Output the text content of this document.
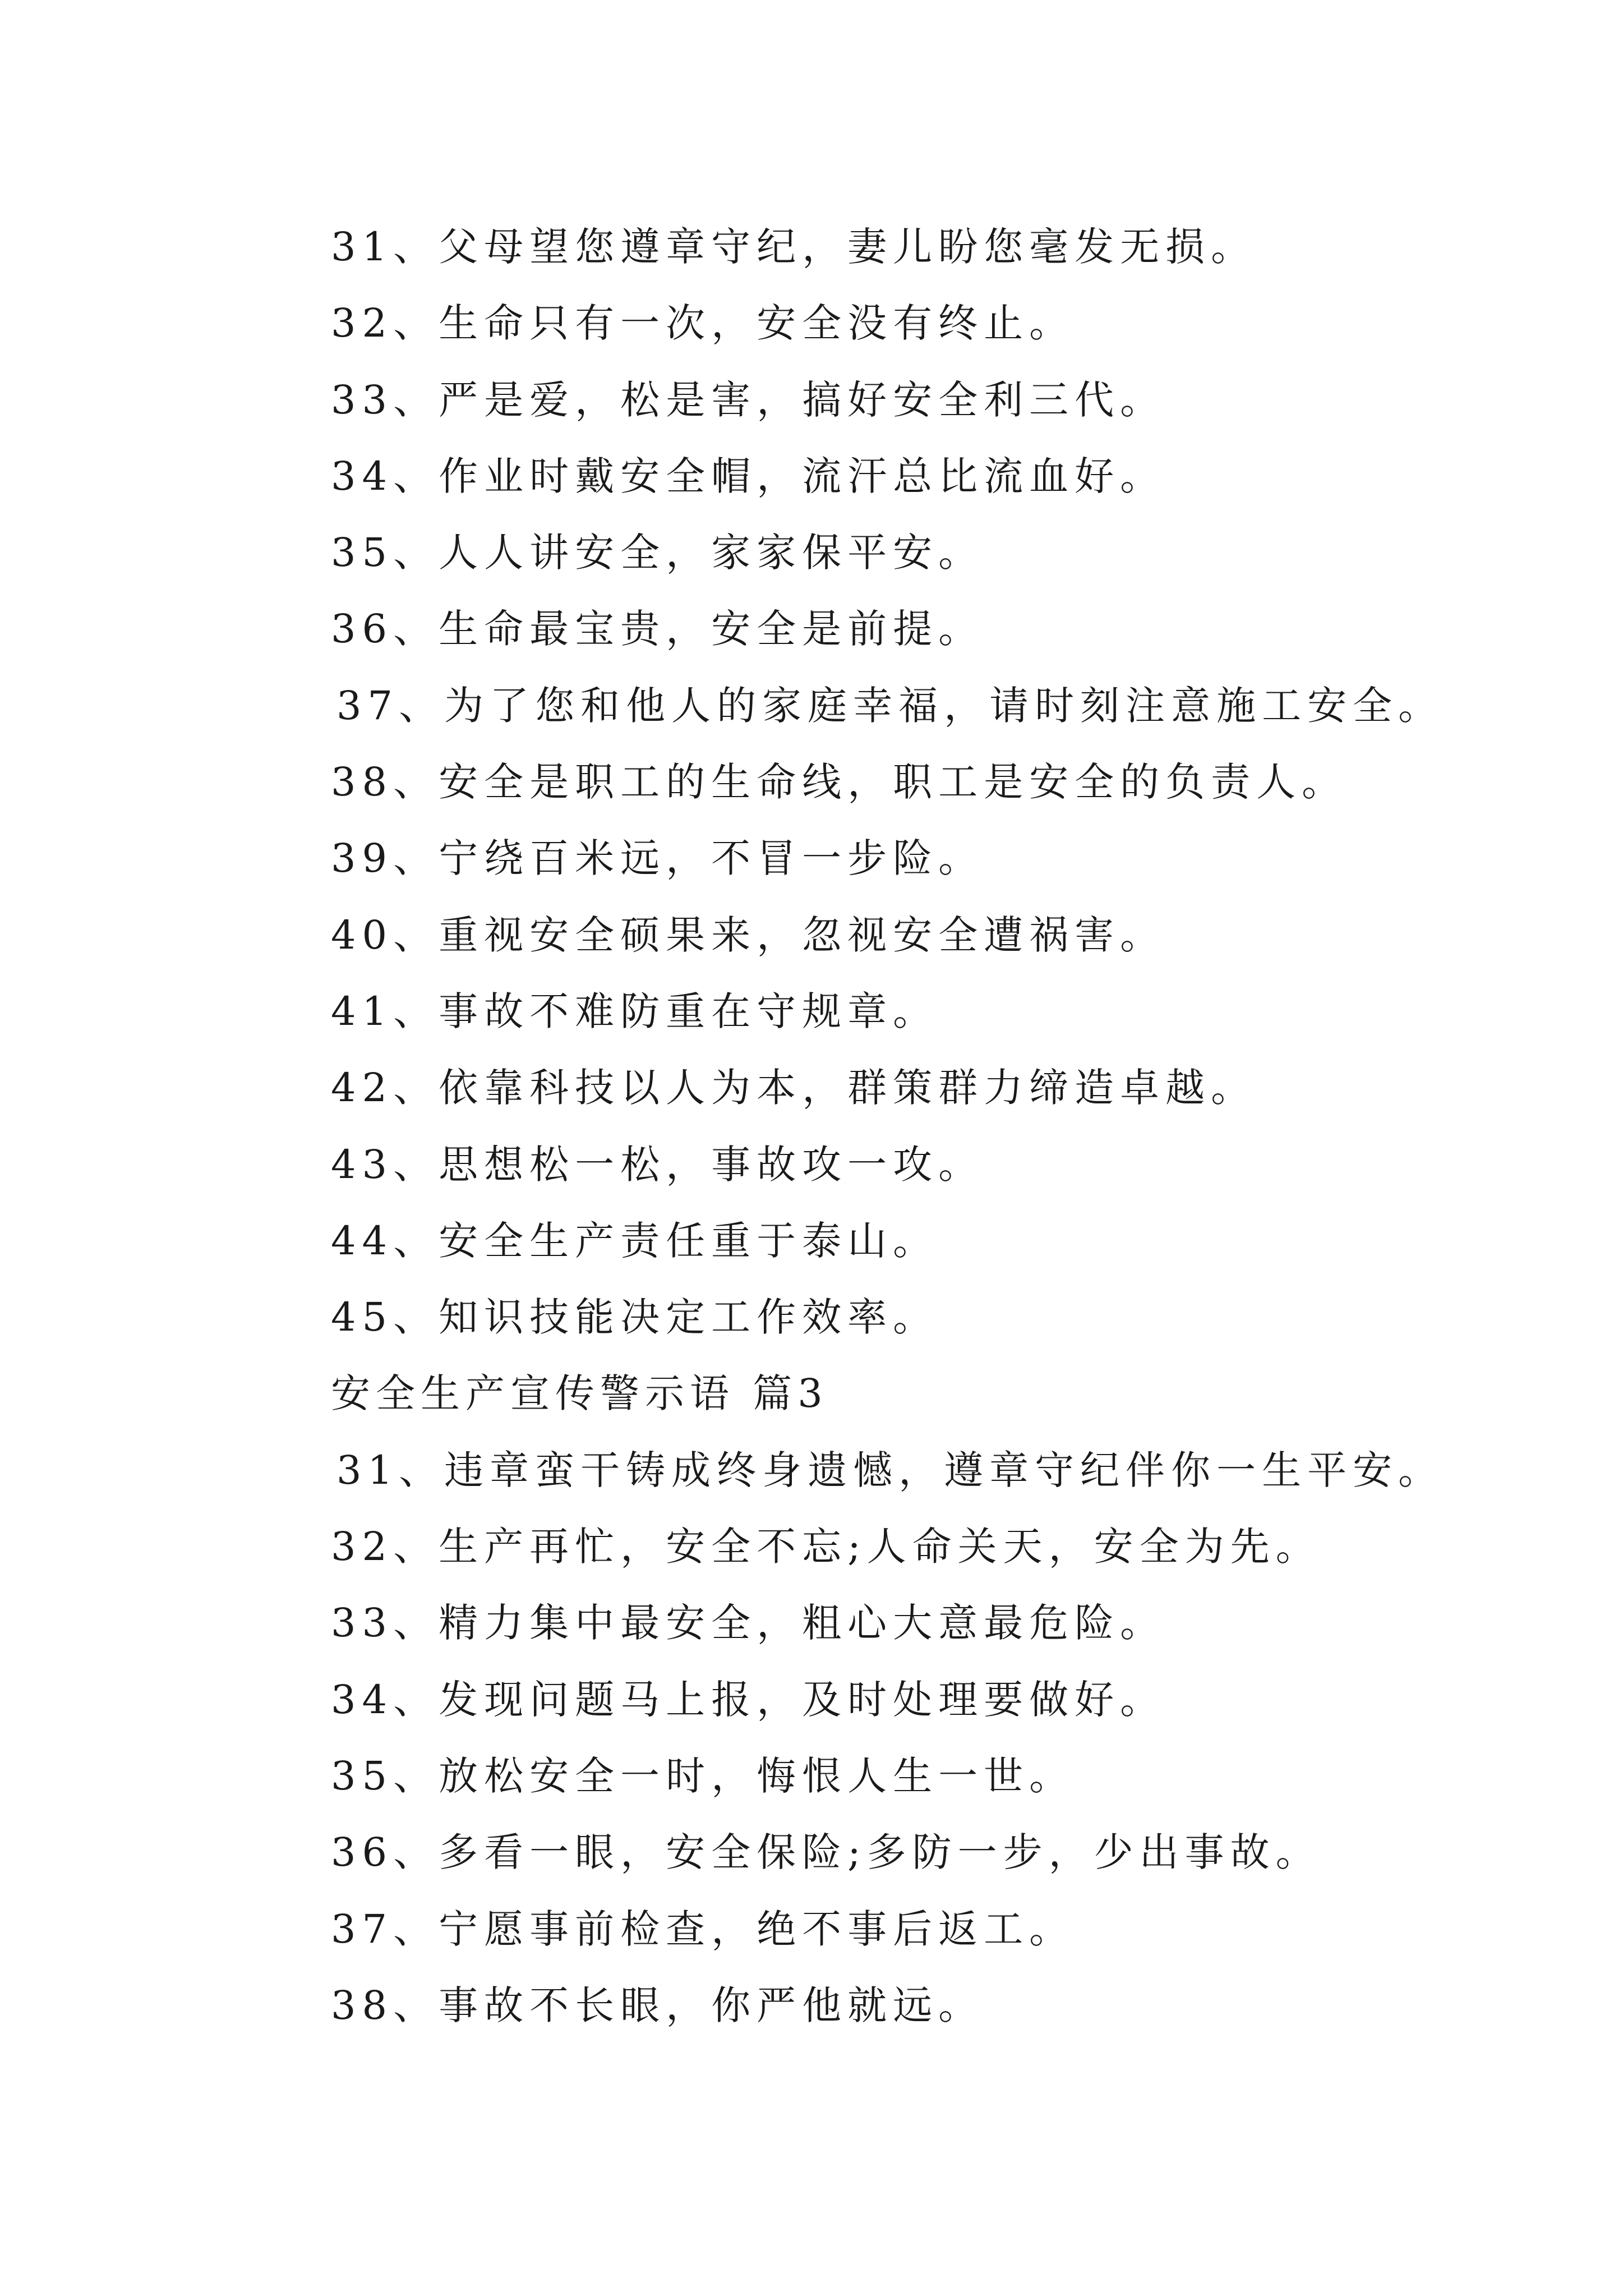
31、父母望您遵章守纪，妻儿盼您毫发无损。
32、生命只有一次，安全没有终止。
33、严是爱，松是害，搞好安全利三代。
34、作业时戴安全帽，流汗总比流血好。
35、人人讲安全，家家保平安。
36、生命最宝贵，安全是前提。
37、为了您和他人的家庭幸福，请时刻注意施工安全。
38、安全是职工的生命线，职工是安全的负责人。
39、宁绕百米远，不冒一步险。
40、重视安全硕果来，忽视安全遭祸害。
41、事故不难防重在守规章。
42、依靠科技以人为本，群策群力缔造卓越。
43、思想松一松，事故攻一攻。
44、安全生产责任重于泰山。
45、知识技能决定工作效率。
安全生产宣传警示语 篇3
31、违章蛮干铸成终身遗憾，遵章守纪伴你一生平安。
32、生产再忙，安全不忘;人命关天，安全为先。
33、精力集中最安全，粗心大意最危险。
34、发现问题马上报，及时处理要做好。
35、放松安全一时，悔恨人生一世。
36、多看一眼，安全保险;多防一步，少出事故。
37、宁愿事前检查，绝不事后返工。
38、事故不长眼，你严他就远。
